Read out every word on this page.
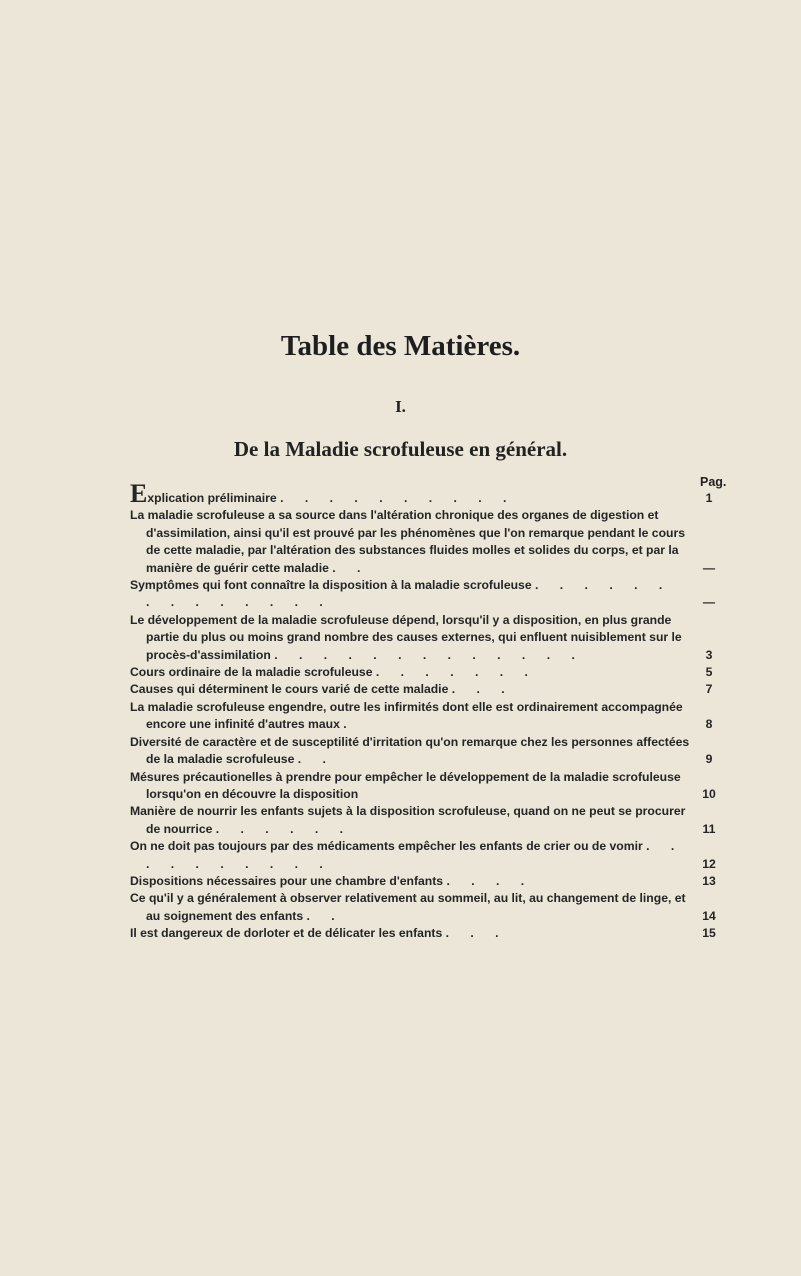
Table des Matières.
I.
De la Maladie scrofuleuse en général.
Pag.
Explication préliminaire . . . . . . . . . .	1
La maladie scrofuleuse a sa source dans l'altération chronique des organes de digestion et d'assimilation, ainsi qu'il est prouvé par les phénomènes que l'on remarque pendant le cours de cette maladie, par l'altération des substances fluides molles et solides du corps, et par la manière de guérir cette maladie . .	—
Symptômes qui font connaître la disposition à la maladie scrofuleuse . . . . . . . . . . . . . .	—
Le développement de la maladie scrofuleuse dépend, lorsqu'il y a disposition, en plus grande partie du plus ou moins grand nombre des causes externes, qui enfluent nuisiblement sur le procès-d'assimilation . . . . . . . . . . . . .	3
Cours ordinaire de la maladie scrofuleuse . . . . . . .	5
Causes qui déterminent le cours varié de cette maladie . . .	7
La maladie scrofuleuse engendre, outre les infirmités dont elle est ordinairement accompagnée encore une infinité d'autres maux .	8
Diversité de caractère et de susceptilité d'irritation qu'on remarque chez les personnes affectées de la maladie scrofuleuse . .	9
Mésures précautionelles à prendre pour empêcher le développement de la maladie scrofuleuse lorsqu'on en découvre la disposition	10
Manière de nourrir les enfants sujets à la disposition scrofuleuse, quand on ne peut se procurer de nourrice . . . . . .	11
On ne doit pas toujours par des médicaments empêcher les enfants de crier ou de vomir . . . . . . . . . .	12
Dispositions nécessaires pour une chambre d'enfants . . . .	13
Ce qu'il y a généralement à observer relativement au sommeil, au lit, au changement de linge, et au soignement des enfants . .	14
Il est dangereux de dorloter et de délicater les enfants . . .	15
